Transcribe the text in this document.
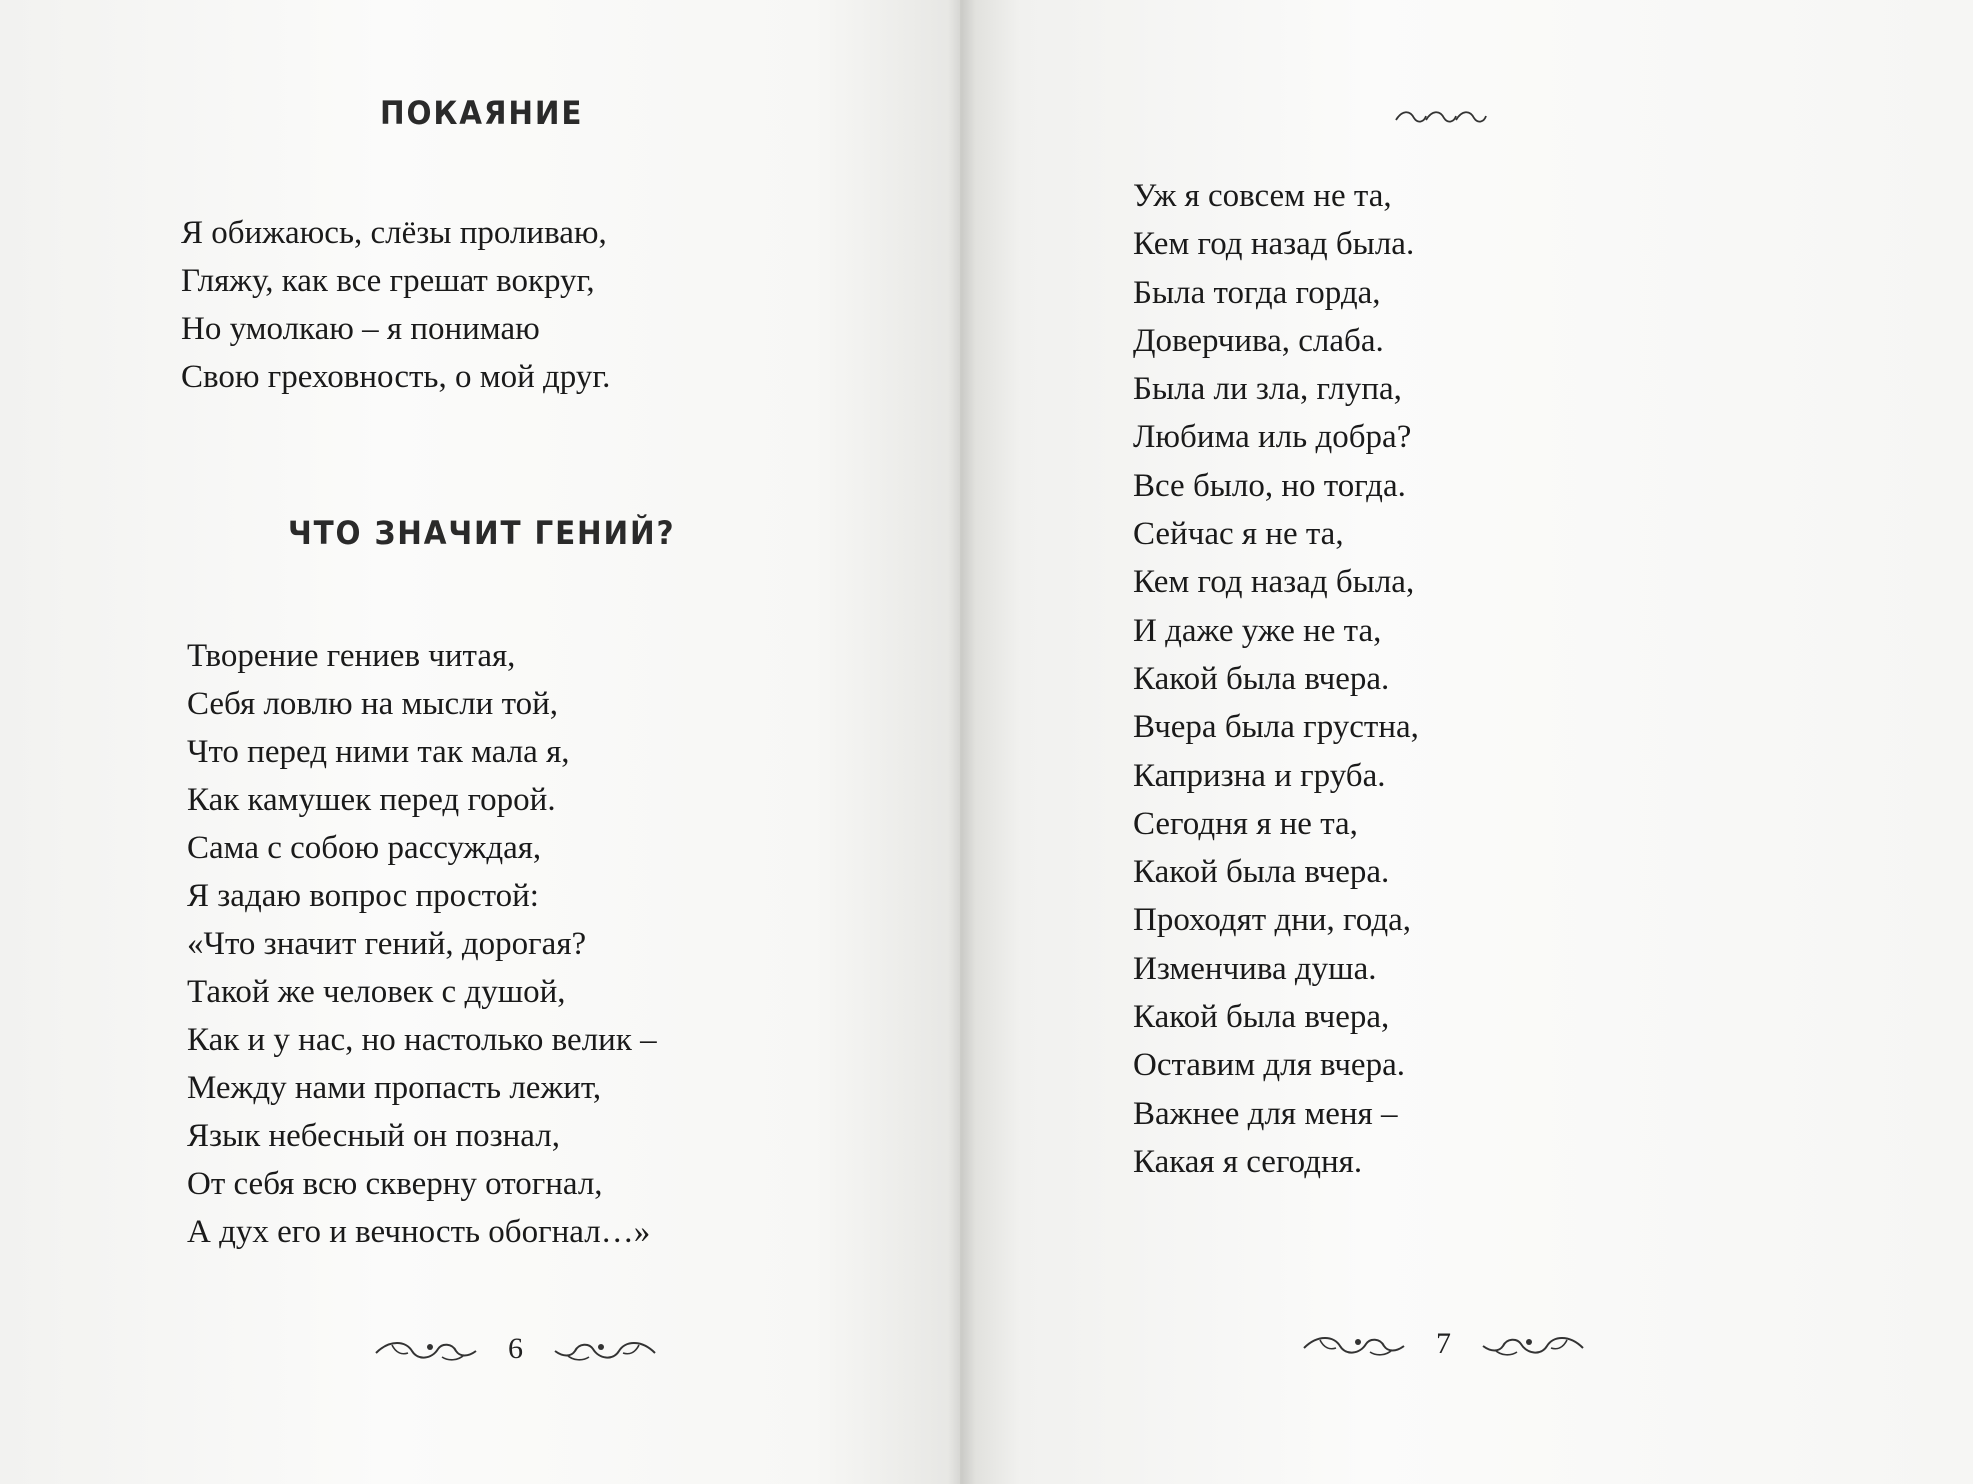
ПОКАЯНИЕ
Я обижаюсь, слёзы проливаю,
Гляжу, как все грешат вокруг,
Но умолкаю – я понимаю
Свою греховность, о мой друг.
ЧТО ЗНАЧИТ ГЕНИЙ?
Творение гениев читая,
Себя ловлю на мысли той,
Что перед ними так мала я,
Как камушек перед горой.
Сама с собою рассуждая,
Я задаю вопрос простой:
«Что значит гений, дорогая?
Такой же человек с душой,
Как и у нас, но настолько велик –
Между нами пропасть лежит,
Язык небесный он познал,
От себя всю скверну отогнал,
А дух его и вечность обогнал…»
6
Уж я совсем не та,
Кем год назад была.
Была тогда горда,
Доверчива, слаба.
Была ли зла, глупа,
Любима иль добра?
Все было, но тогда.
Сейчас я не та,
Кем год назад была,
И даже уже не та,
Какой была вчера.
Вчера была грустна,
Капризна и груба.
Сегодня я не та,
Какой была вчера.
Проходят дни, года,
Изменчива душа.
Какой была вчера,
Оставим для вчера.
Важнее для меня –
Какая я сегодня.
7
